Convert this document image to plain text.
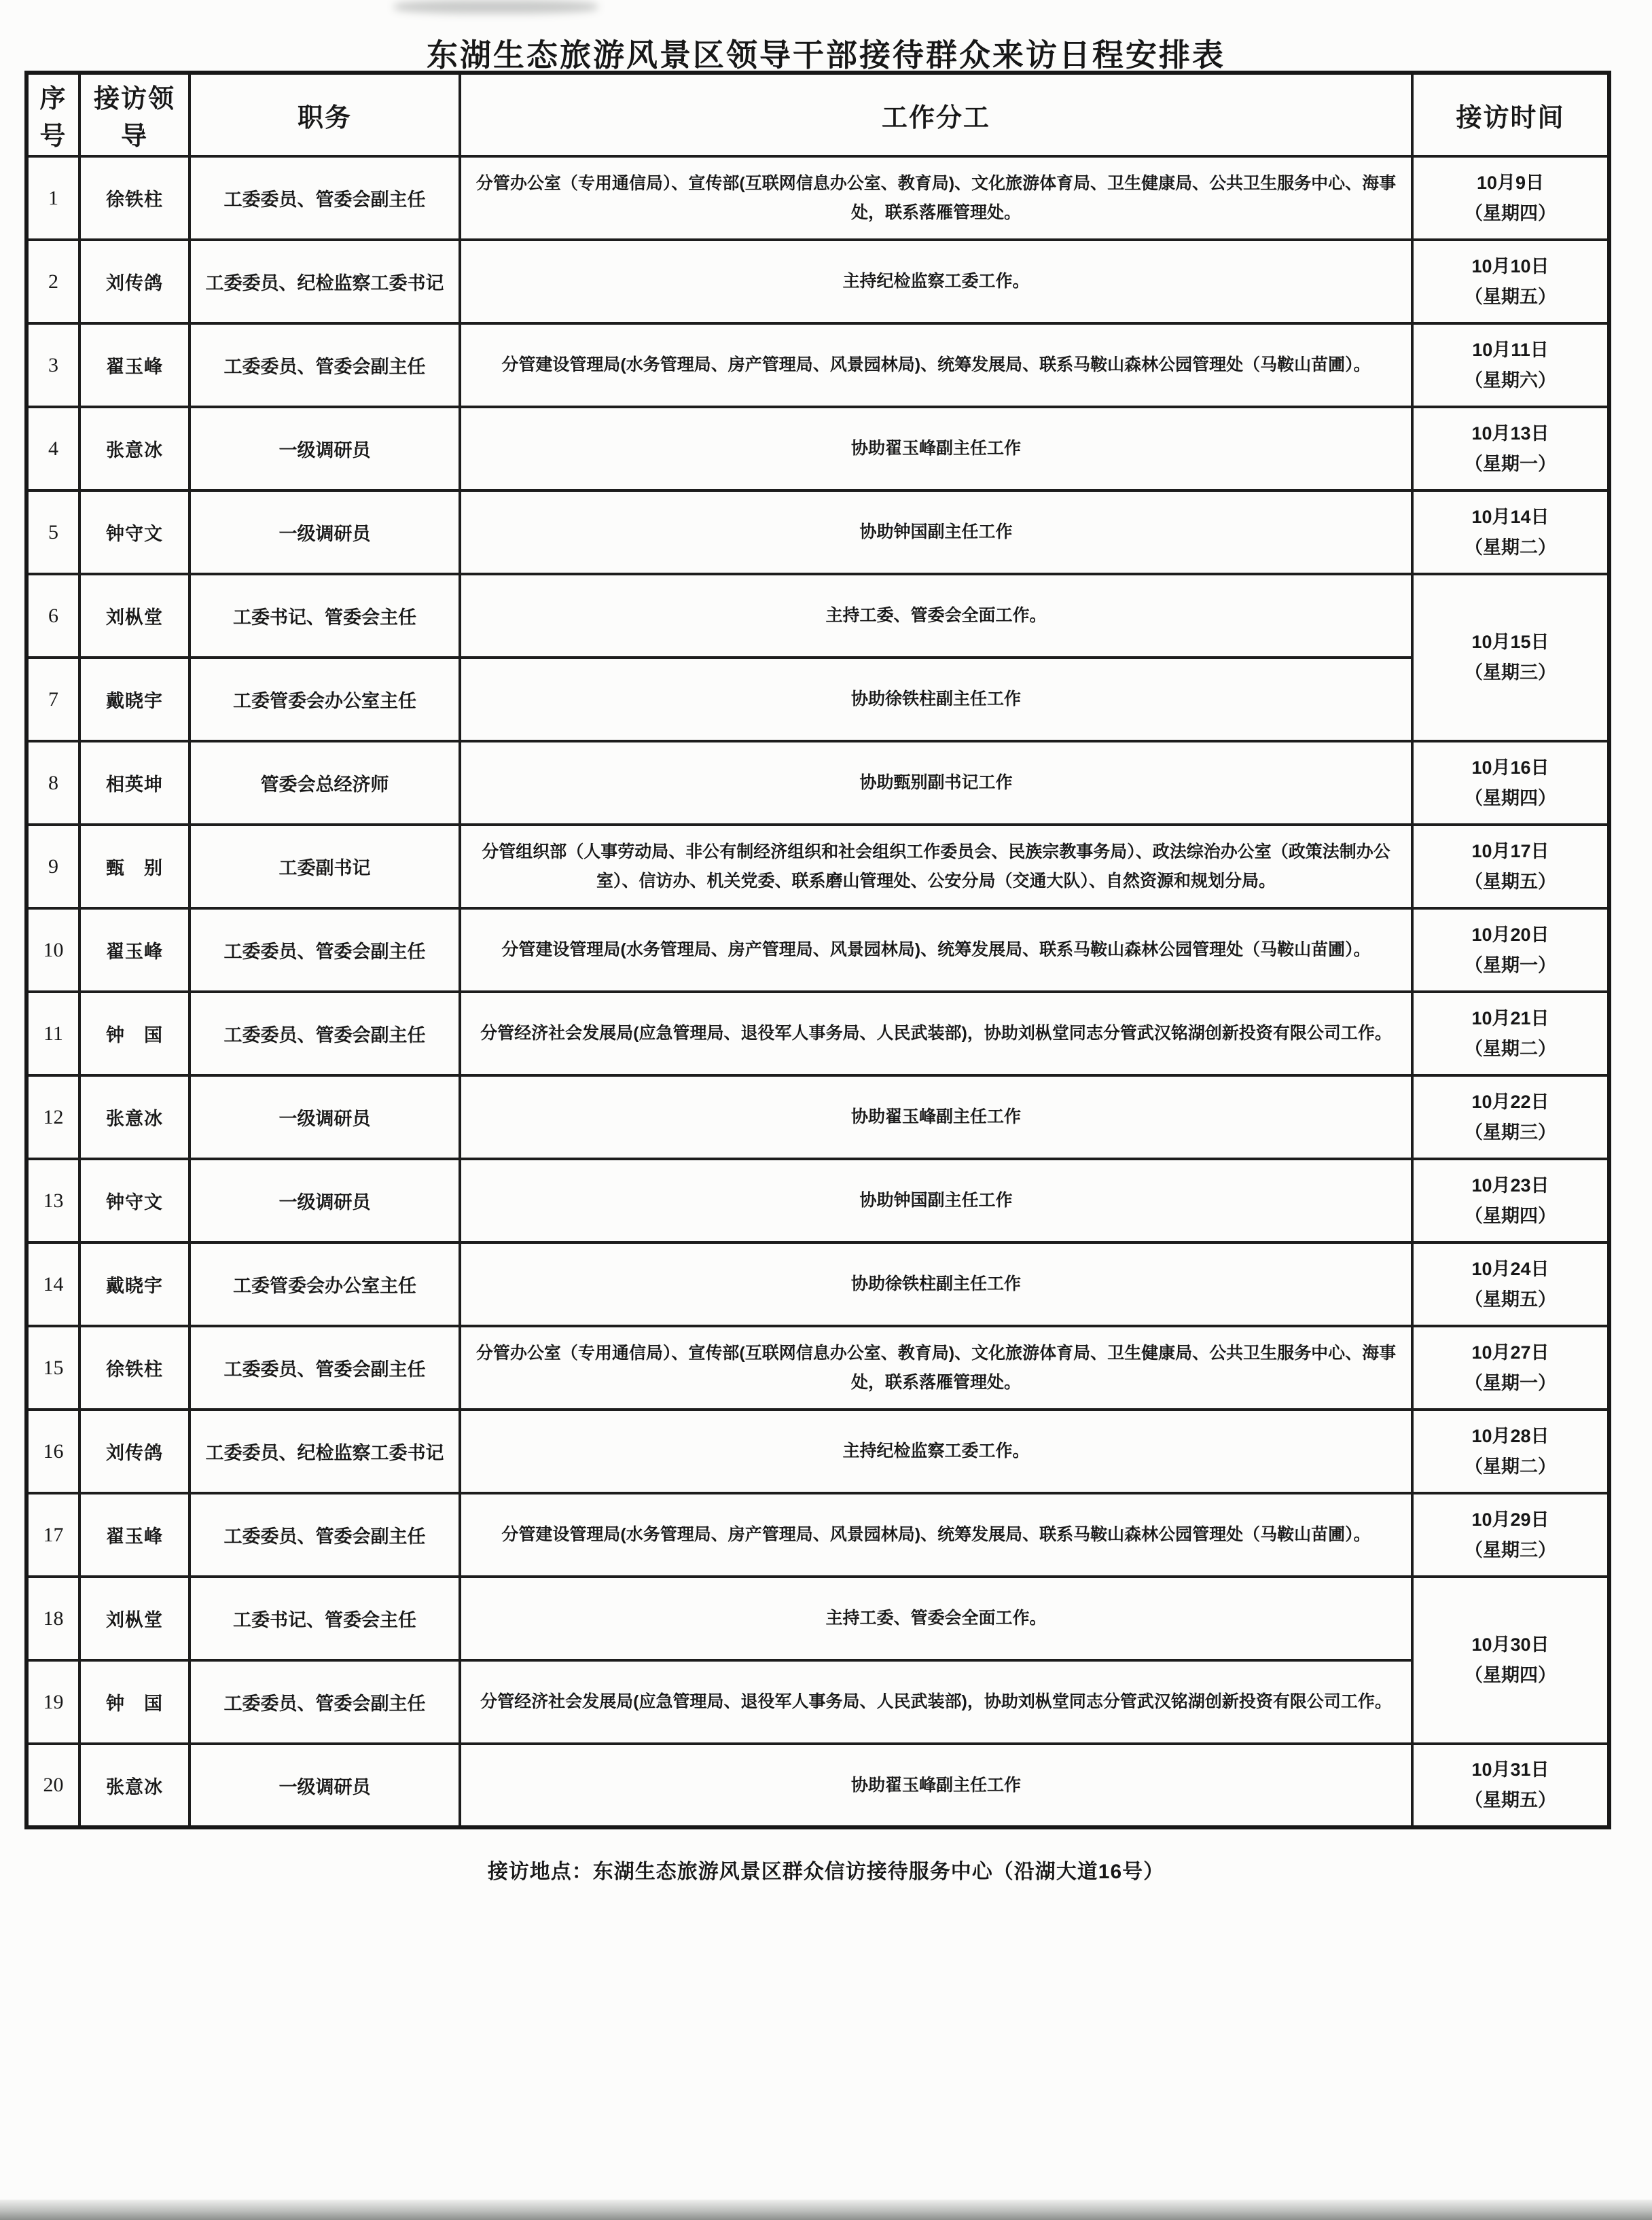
东湖生态旅游风景区领导干部接待群众来访日程安排表
序号	接访领导	职务	工作分工	接访时间
1	徐铁柱	工委委员、管委会副主任	分管办公室（专用通信局）、宣传部(互联网信息办公室、教育局)、文化旅游体育局、卫生健康局、公共卫生服务中心、海事处，联系落雁管理处。	10月9日
（星期四）

2	刘传鸽	工委委员、纪检监察工委书记	主持纪检监察工委工作。	10月10日
（星期五）

3	翟玉峰	工委委员、管委会副主任	分管建设管理局(水务管理局、房产管理局、风景园林局)、统筹发展局、联系马鞍山森林公园管理处（马鞍山苗圃）。	10月11日
（星期六）

4	张意冰	一级调研员	协助翟玉峰副主任工作	10月13日
（星期一）

5	钟守文	一级调研员	协助钟国副主任工作	10月14日
（星期二）

6	刘枞堂	工委书记、管委会主任	主持工委、管委会全面工作。	10月15日
（星期三）

7	戴晓宇	工委管委会办公室主任	协助徐铁柱副主任工作	
8	相英坤	管委会总经济师	协助甄别副书记工作	10月16日
（星期四）

9	甄　别	工委副书记	分管组织部（人事劳动局、非公有制经济组织和社会组织工作委员会、民族宗教事务局）、政法综治办公室（政策法制办公室）、信访办、机关党委、联系磨山管理处、公安分局（交通大队）、自然资源和规划分局。	10月17日
（星期五）

10	翟玉峰	工委委员、管委会副主任	分管建设管理局(水务管理局、房产管理局、风景园林局)、统筹发展局、联系马鞍山森林公园管理处（马鞍山苗圃）。	10月20日
（星期一）

11	钟　国	工委委员、管委会副主任	分管经济社会发展局(应急管理局、退役军人事务局、人民武装部)，协助刘枞堂同志分管武汉铭湖创新投资有限公司工作。	10月21日
（星期二）

12	张意冰	一级调研员	协助翟玉峰副主任工作	10月22日
（星期三）

13	钟守文	一级调研员	协助钟国副主任工作	10月23日
（星期四）

14	戴晓宇	工委管委会办公室主任	协助徐铁柱副主任工作	10月24日
（星期五）

15	徐铁柱	工委委员、管委会副主任	分管办公室（专用通信局）、宣传部(互联网信息办公室、教育局)、文化旅游体育局、卫生健康局、公共卫生服务中心、海事处，联系落雁管理处。	10月27日
（星期一）

16	刘传鸽	工委委员、纪检监察工委书记	主持纪检监察工委工作。	10月28日
（星期二）

17	翟玉峰	工委委员、管委会副主任	分管建设管理局(水务管理局、房产管理局、风景园林局)、统筹发展局、联系马鞍山森林公园管理处（马鞍山苗圃）。	10月29日
（星期三）

18	刘枞堂	工委书记、管委会主任	主持工委、管委会全面工作。	10月30日
（星期四）

19	钟　国	工委委员、管委会副主任	分管经济社会发展局(应急管理局、退役军人事务局、人民武装部)，协助刘枞堂同志分管武汉铭湖创新投资有限公司工作。	
20	张意冰	一级调研员	协助翟玉峰副主任工作	10月31日
（星期五）

接访地点：东湖生态旅游风景区群众信访接待服务中心（沿湖大道16号）
